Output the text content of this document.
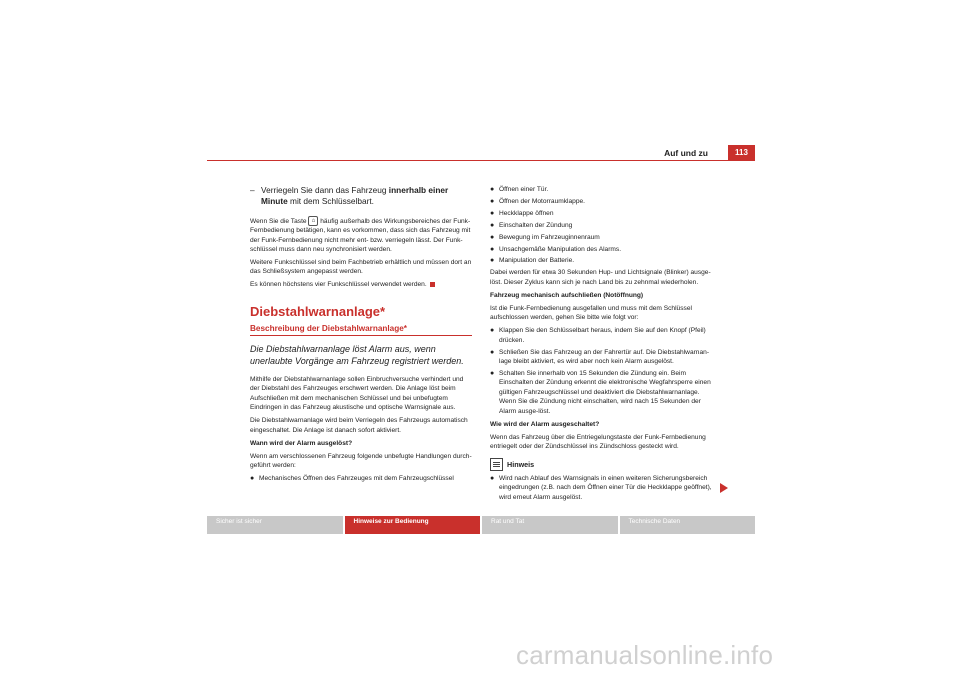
Auf und zu	113
– Verriegeln Sie dann das Fahrzeug innerhalb einer Minute mit dem Schlüsselbart.

Wenn Sie die Taste ⌂ häufig außerhalb des Wirkungsbereiches der Funk-Fernbedienung betätigen, kann es vorkommen, dass sich das Fahrzeug mit der Funk-Fernbedienung nicht mehr ent- bzw. verriegeln lässt. Der Funk-schlüssel muss dann neu synchronisiert werden.

Weitere Funkschlüssel sind beim Fachbetrieb erhältlich und müssen dort an das Schließsystem angepasst werden.

Es können höchstens vier Funkschlüssel verwendet werden.

Diebstahlwarnanlage*
Beschreibung der Diebstahlwarnanlage*
Die Diebstahlwarnanlage löst Alarm aus, wenn unerlaubte Vorgänge am Fahrzeug registriert werden.

Mithilfe der Diebstahlwarnanlage sollen Einbruchversuche verhindert und der Diebstahl des Fahrzeuges erschwert werden. Die Anlage löst beim Aufschließen mit dem mechanischen Schlüssel und bei unbefugtem Eindringen in das Fahrzeug akustische und optische Warnsignale aus.

Die Diebstahlwarnanlage wird beim Verriegeln des Fahrzeugs automatisch eingeschaltet. Die Anlage ist danach sofort aktiviert.

Wann wird der Alarm ausgelöst?

Wenn am verschlossenen Fahrzeug folgende unbefugte Handlungen durch-geführt werden:

● Mechanisches Öffnen des Fahrzeuges mit dem Fahrzeugschlüssel
● Öffnen einer Tür.
● Öffnen der Motorraumklappe.
● Heckklappe öffnen
● Einschalten der Zündung
● Bewegung im Fahrzeuginnenraum
● Unsachgemäße Manipulation des Alarms.
● Manipulation der Batterie.

Dabei werden für etwa 30 Sekunden Hup- und Lichtsignale (Blinker) ausge-löst. Dieser Zyklus kann sich je nach Land bis zu zehnmal wiederholen.

Fahrzeug mechanisch aufschließen (Notöffnung)

Ist die Funk-Fernbedienung ausgefallen und muss mit dem Schlüssel aufschlossen werden, gehen Sie bitte wie folgt vor:

● Klappen Sie den Schlüsselbart heraus, indem Sie auf den Knopf (Pfeil) drücken.
● Schließen Sie das Fahrzeug an der Fahrertür auf. Die Diebstahlwarnan-lage bleibt aktiviert, es wird aber noch kein Alarm ausgelöst.
● Schalten Sie innerhalb von 15 Sekunden die Zündung ein. Beim Einschalten der Zündung erkennt die elektronische Wegfahrsperre einen gültigen Fahrzeugschlüssel und deaktiviert die Diebstahlwarnanlage. Wenn Sie die Zündung nicht einschalten, wird nach 15 Sekunden der Alarm ausge-löst.

Wie wird der Alarm ausgeschaltet?

Wenn das Fahrzeug über die Entriegelungstaste der Funk-Fernbedienung entriegelt oder der Zündschlüssel ins Zündschloss gesteckt wird.

Hinweis
● Wird nach Ablauf des Warnsignals in einen weiteren Sicherungsbereich eingedrungen (z.B. nach dem Öffnen einer Tür die Heckklappe geöffnet), wird erneut Alarm ausgelöst.
Sicher ist sicher	Hinweise zur Bedienung	Rat und Tat	Technische Daten
carmanualsonline.info
